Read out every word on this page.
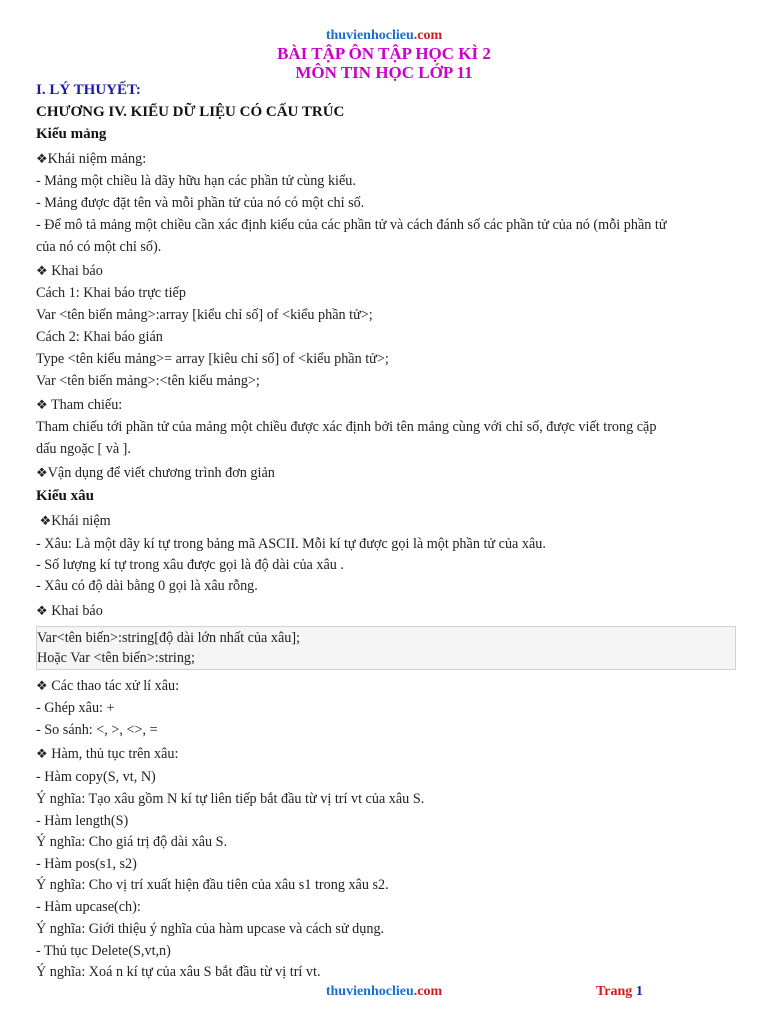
thuvienhoclieu.com
BÀI TẬP ÔN TẬP HỌC KÌ 2
MÔN TIN HỌC LỚP 11
I. LÝ THUYẾT:
CHƯƠNG IV. KIỂU DỮ LIỆU CÓ CẤU TRÚC
Kiểu mảng
❖Khái niệm mảng:
- Mảng một chiều là dãy hữu hạn các phần tử cùng kiểu.
- Mảng được đặt tên và mỗi phần tử của nó có một chỉ số.
- Để mô tả mảng một chiều cần xác định kiểu của các phần tử và cách đánh số các phần tử của nó (mỗi phần tử
của nó có một chỉ số).
❖ Khai báo
Cách 1: Khai báo trực tiếp
Var <tên biến mảng>:array [kiểu chỉ số] of <kiểu phần tử>;
Cách 2: Khai báo gián
Type <tên kiểu mảng>= array [kiêu chỉ số] of <kiểu phần tử>;
Var <tên biến mảng>:<tên kiểu mảng>;
❖ Tham chiếu:
Tham chiếu tới phần tử của mảng một chiều được xác định bởi tên mảng cùng với chỉ số, được viết trong cặp
dấu ngoặc [ và ].
❖Vận dụng để viết chương trình đơn giản
Kiểu xâu
❖Khái niệm
- Xâu: Là một dãy kí tự trong bảng mã ASCII. Mỗi kí tự được gọi là một phần tử của xâu.
- Số lượng kí tự trong xâu được gọi là độ dài của xâu .
- Xâu có độ dài bằng 0 gọi là xâu rỗng.
❖ Khai báo
Var<tên biến>:string[độ dài lớn nhất của xâu];
Hoặc Var <tên biến>:string;
❖ Các thao tác xử lí xâu:
- Ghép xâu: +
- So sánh: <, >, <>, =
❖ Hàm, thủ tục trên xâu:
- Hàm copy(S, vt, N)
Ý nghĩa: Tạo xâu gồm N kí tự liên tiếp bắt đầu từ vị trí vt của xâu S.
- Hàm length(S)
Ý nghĩa: Cho giá trị độ dài xâu S.
- Hàm pos(s1, s2)
Ý nghĩa: Cho vị trí xuất hiện đầu tiên của xâu s1 trong xâu s2.
- Hàm upcase(ch):
Ý nghĩa: Giới thiệu ý nghĩa của hàm upcase và cách sử dụng.
- Thủ tục Delete(S,vt,n)
Ý nghĩa: Xoá n kí tự của xâu S bắt đầu từ vị trí vt.
thuvienhoclieu.com	Trang 1
